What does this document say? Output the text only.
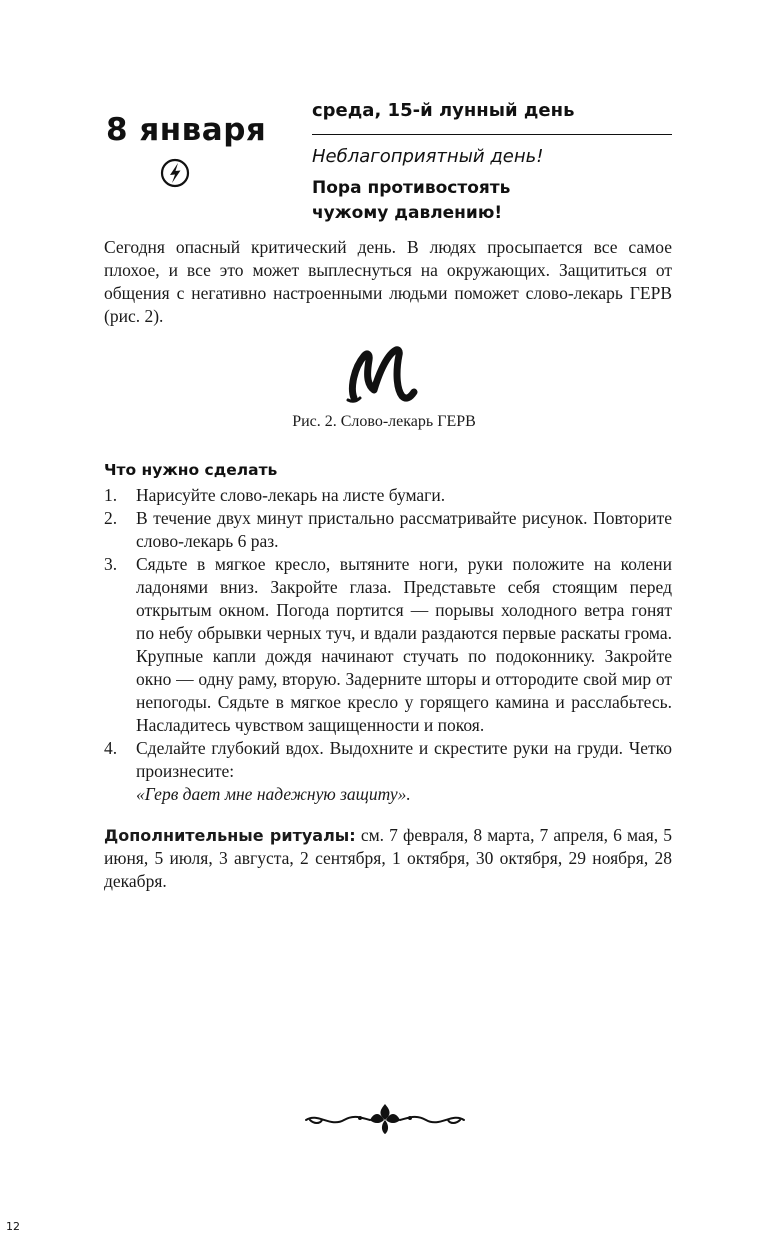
8 января
среда, 15-й лунный день
Неблагоприятный день!
Пора противостоять
чужому давлению!

Сегодня опасный критический день. В людях просыпается все самое плохое, и все это может выплеснуться на окружающих. Защититься от общения с негативно настроенными людьми поможет слово-лекарь ГЕРВ (рис. 2).

Рис. 2. Слово-лекарь ГЕРВ
Что нужно сделать
1.	Нарисуйте слово-лекарь на листе бумаги.
2.	В течение двух минут пристально рассматривайте рисунок. Повторите слово-лекарь 6 раз.
3.	Сядьте в мягкое кресло, вытяните ноги, руки положите на колени ладонями вниз. Закройте глаза. Представьте себя стоящим перед открытым окном. Погода портится — порывы холодного ветра гонят по небу обрывки черных туч, и вдали раздаются первые раскаты грома. Крупные капли дождя начинают стучать по подоконнику. Закройте окно — одну раму, вторую. Задерните шторы и оттородите свой мир от непогоды. Сядьте в мягкое кресло у горящего камина и расслабьтесь. Насладитесь чувством защищенности и покоя.
4.	Сделайте глубокий вдох. Выдохните и скрестите руки на груди. Четко произнесите:
«Герв дает мне надежную защиту».

Дополнительные ритуалы: см. 7 февраля, 8 марта, 7 апреля, 6 мая, 5 июня, 5 июля, 3 августа, 2 сентября, 1 октября, 30 октября, 29 ноября, 28 декабря.

12
